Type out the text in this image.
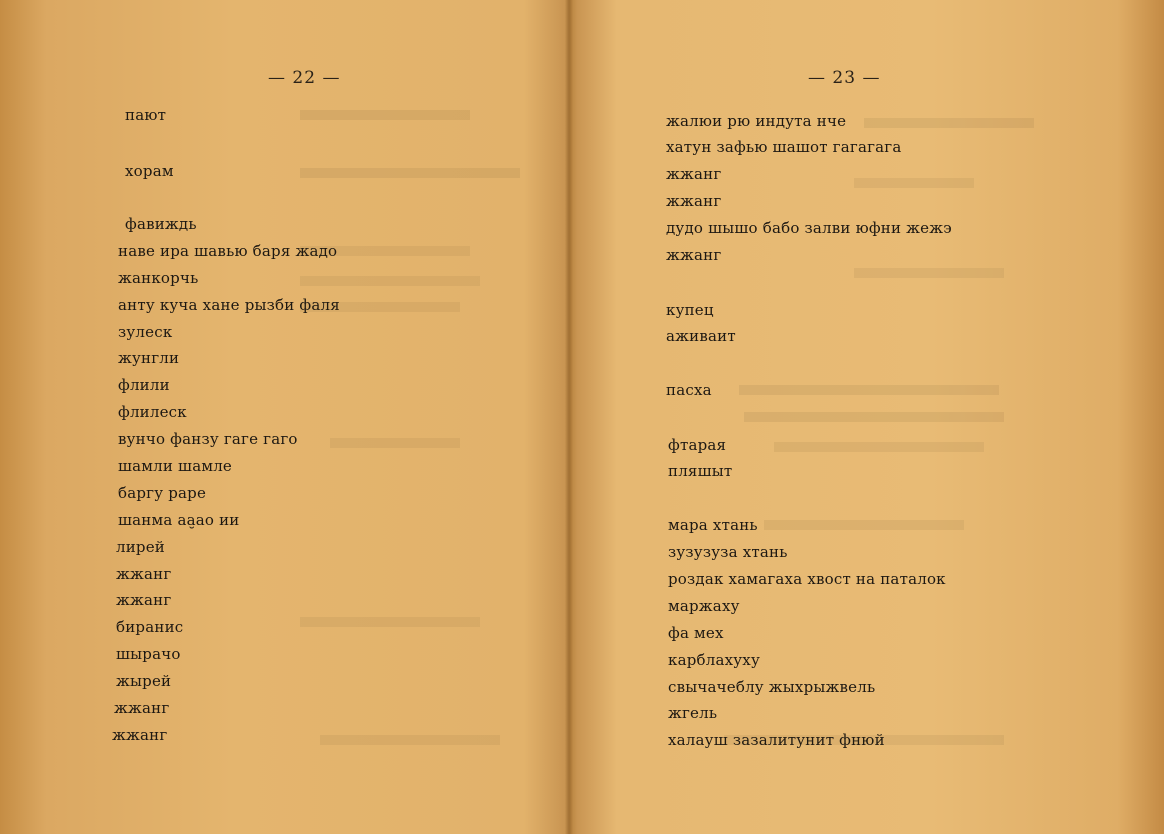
— 22 —
пают
хорам
фавиждь
наве ира шавью баря жадо
жанкорчь
анту куча хане рызби фаля
зулеск
жунгли
флили
флилеск
вунчо фанзу гаге гаго
шамли шамле
баргу раре
шанма аа̮ао ии
лирей
жжанг
жжанг
биранис
шырачо
жырей
жжанг
жжанг
— 23 —
жалюи рю индута нче
хатун зафью шашот гагагага
жжанг
жжанг
дудо шышо бабо залви юфни жежэ
жжанг
купец
аживаит
пасха
фтарая
пляшыт
мара хтань
зузузуза хтань
роздак хамагаха хвост на паталок
маржаху
фа мех
карблахуху
свычачеблу жыхрыжвель
жгель
халауш зазалитунит фнюй
